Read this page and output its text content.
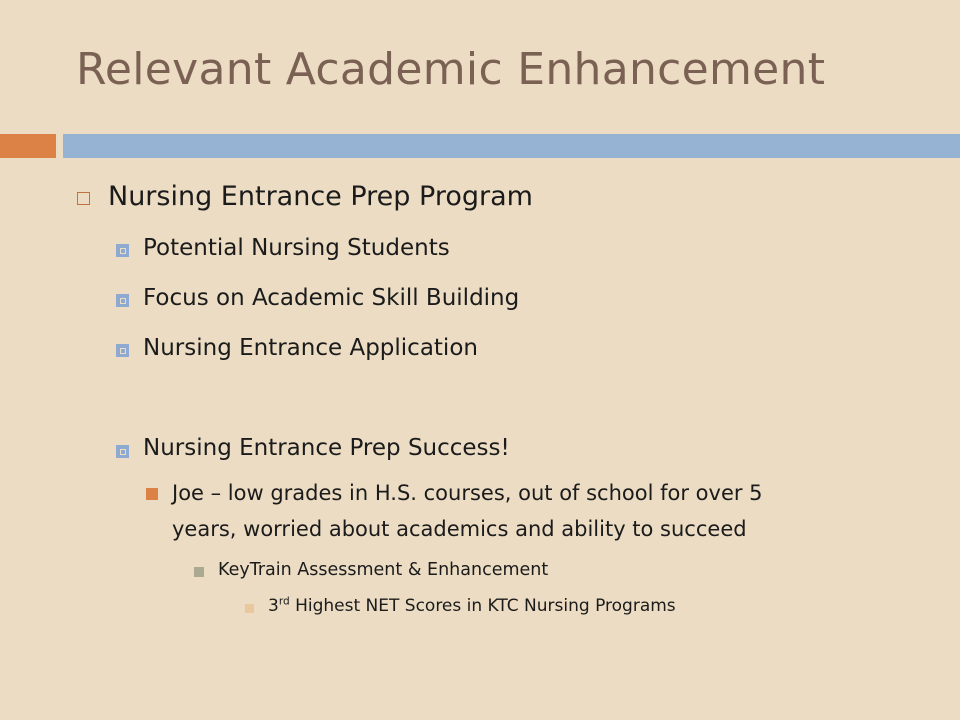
Relevant Academic Enhancement
Nursing Entrance Prep Program
Potential Nursing Students
Focus on Academic Skill Building
Nursing Entrance Application
Nursing Entrance Prep Success!
Joe – low grades in H.S. courses, out of school for over 5
years, worried about academics and ability to succeed
KeyTrain Assessment & Enhancement
3rd Highest NET Scores in KTC Nursing Programs
